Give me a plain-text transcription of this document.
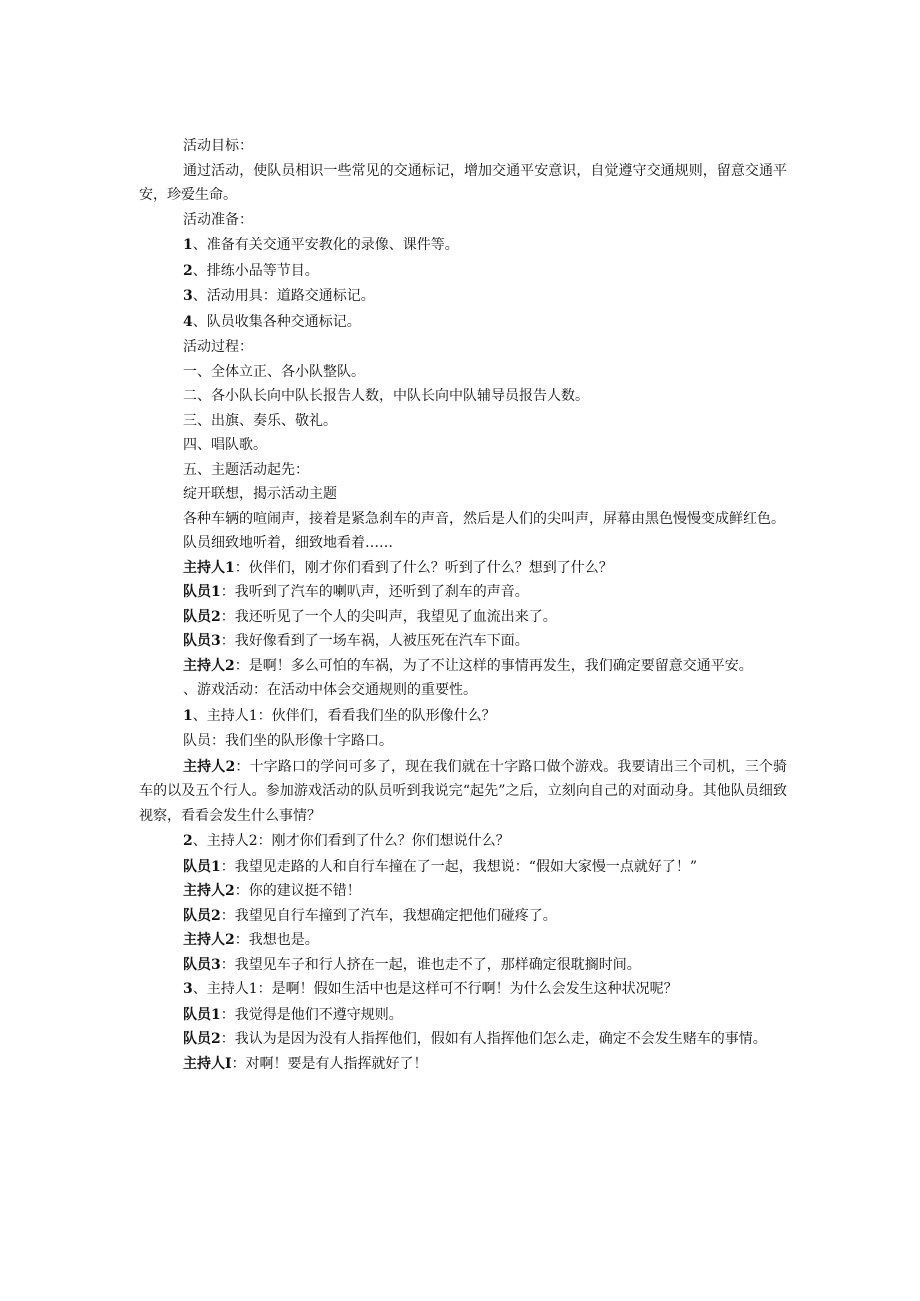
活动目标：

通过活动，使队员相识一些常见的交通标记，增加交通平安意识，自觉遵守交通规则，留意交通平安，珍爱生命。

活动准备：

1、准备有关交通平安教化的录像、课件等。

2、排练小品等节目。

3、活动用具：道路交通标记。

4、队员收集各种交通标记。

活动过程：

一、全体立正、各小队整队。

二、各小队长向中队长报告人数，中队长向中队辅导员报告人数。

三、出旗、奏乐、敬礼。

四、唱队歌。

五、主题活动起先：

绽开联想，揭示活动主题

各种车辆的喧闹声，接着是紧急刹车的声音，然后是人们的尖叫声，屏幕由黑色慢慢变成鲜红色。

队员细致地听着，细致地看着……

主持人1：伙伴们，刚才你们看到了什么？听到了什么？想到了什么？

队员1：我听到了汽车的喇叭声，还听到了刹车的声音。

队员2：我还听见了一个人的尖叫声，我望见了血流出来了。

队员3：我好像看到了一场车祸，人被压死在汽车下面。

主持人2：是啊！多么可怕的车祸，为了不让这样的事情再发生，我们确定要留意交通平安。

、游戏活动：在活动中体会交通规则的重要性。

1、主持人1：伙伴们，看看我们坐的队形像什么？

队员：我们坐的队形像十字路口。

主持人2：十字路口的学问可多了，现在我们就在十字路口做个游戏。我要请出三个司机，三个骑车的以及五个行人。参加游戏活动的队员听到我说完“起先”之后，立刻向自己的对面动身。其他队员细致视察，看看会发生什么事情？

2、主持人2：刚才你们看到了什么？你们想说什么？

队员1：我望见走路的人和自行车撞在了一起，我想说：“假如大家慢一点就好了！”

主持人2：你的建议挺不错！

队员2：我望见自行车撞到了汽车，我想确定把他们碰疼了。

主持人2：我想也是。

队员3：我望见车子和行人挤在一起，谁也走不了，那样确定很耽搁时间。

3、主持人1：是啊！假如生活中也是这样可不行啊！为什么会发生这种状况呢？

队员1：我觉得是他们不遵守规则。

队员2：我认为是因为没有人指挥他们，假如有人指挥他们怎么走，确定不会发生赌车的事情。

主持人I：对啊！要是有人指挥就好了！
